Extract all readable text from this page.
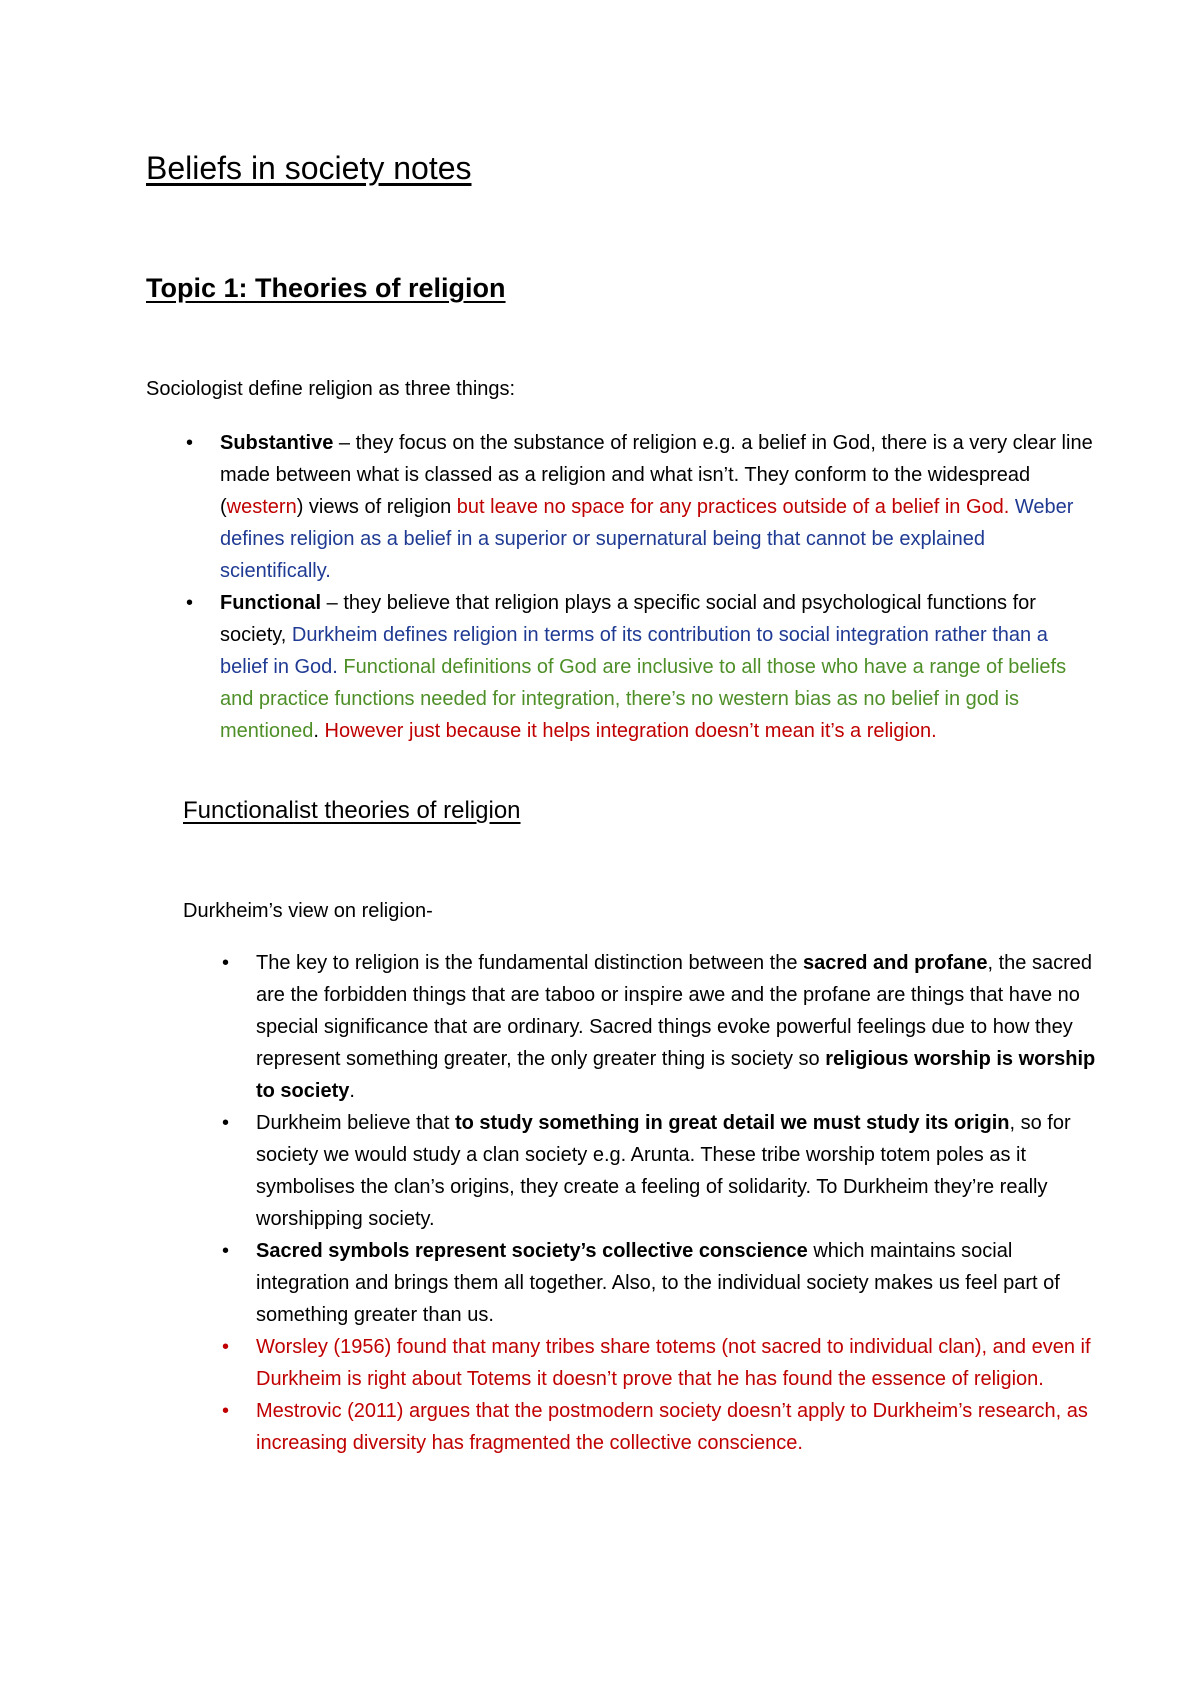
Beliefs in society notes
Topic 1: Theories of religion

Sociologist define religion as three things:

• Substantive – they focus on the substance of religion e.g. a belief in God, there is a very clear line made between what is classed as a religion and what isn’t. They conform to the widespread (western) views of religion but leave no space for any practices outside of a belief in God. Weber defines religion as a belief in a superior or supernatural being that cannot be explained scientifically.
• Functional – they believe that religion plays a specific social and psychological functions for society, Durkheim defines religion in terms of its contribution to social integration rather than a belief in God. Functional definitions of God are inclusive to all those who have a range of beliefs and practice functions needed for integration, there’s no western bias as no belief in god is mentioned. However just because it helps integration doesn’t mean it’s a religion.
Functionalist theories of religion

Durkheim’s view on religion-

• The key to religion is the fundamental distinction between the sacred and profane, the sacred are the forbidden things that are taboo or inspire awe and the profane are things that have no special significance that are ordinary. Sacred things evoke powerful feelings due to how they represent something greater, the only greater thing is society so religious worship is worship to society.
• Durkheim believe that to study something in great detail we must study its origin, so for society we would study a clan society e.g. Arunta. These tribe worship totem poles as it symbolises the clan’s origins, they create a feeling of solidarity. To Durkheim they’re really worshipping society.
• Sacred symbols represent society’s collective conscience which maintains social integration and brings them all together. Also, to the individual society makes us feel part of something greater than us.
• Worsley (1956) found that many tribes share totems (not sacred to individual clan), and even if Durkheim is right about Totems it doesn’t prove that he has found the essence of religion.
• Mestrovic (2011) argues that the postmodern society doesn’t apply to Durkheim’s research, as increasing diversity has fragmented the collective conscience.
